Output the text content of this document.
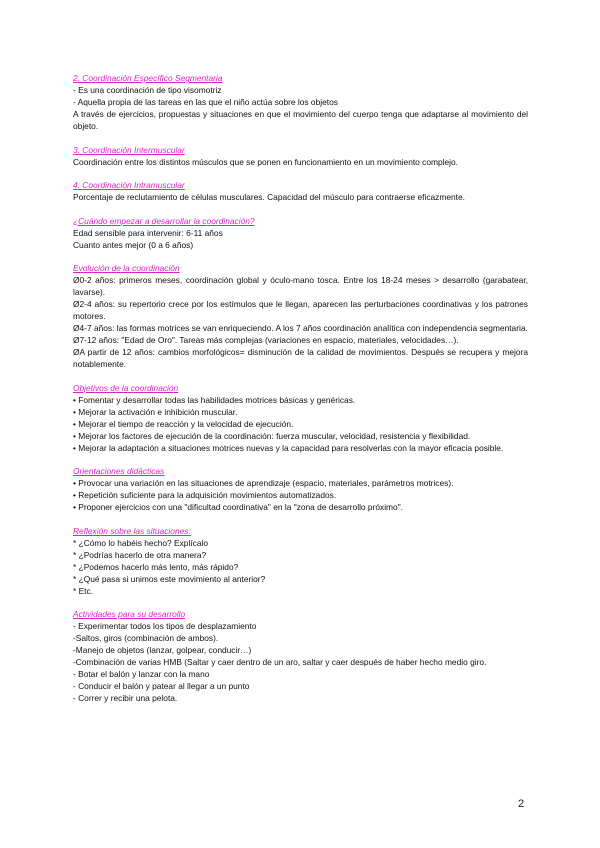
2. Coordinación Específico Segmentaria

- Es una coordinación de tipo visomotriz

- Aquella propia de las tareas en las que el niño actúa sobre los objetos

A través de ejercicios, propuestas y situaciones en que el movimiento del cuerpo tenga que adaptarse al movimiento del objeto.

3. Coordinación Intermuscular

Coordinación entre los distintos músculos que se ponen en funcionamiento en un movimiento complejo.

4. Coordinación Intramuscular

Porcentaje de reclutamiento de células musculares. Capacidad del músculo para contraerse eficazmente.

¿Cuándo empezar a desarrollar la coordinación?

Edad sensible para intervenir: 6-11 años

Cuanto antes mejor (0 a 6 años)

Evolución de la coordinación

Ø0-2 años: primeros meses, coordinación global y óculo-mano tosca. Entre los 18-24 meses > desarrollo (garabatear, lavarse).

Ø2-4 años: su repertorio crece por los estímulos que le llegan, aparecen las perturbaciones coordinativas y los patrones motores.

Ø4-7 años: las formas motrices se van enriqueciendo. A los 7 años coordinación analítica con independencia segmentaria.

Ø7-12 años: "Edad de Oro". Tareas más complejas (variaciones en espacio, materiales, velocidades…).

ØA partir de 12 años: cambios morfológicos= disminución de la calidad de movimientos. Después se recupera y mejora notablemente.

Objetivos de la coordinación

• Fomentar y desarrollar todas las habilidades motrices básicas y genéricas.

• Mejorar la activación e inhibición muscular.

• Mejorar el tiempo de reacción y la velocidad de ejecución.

• Mejorar los factores de ejecución de la coordinación: fuerza muscular, velocidad, resistencia y flexibilidad.

• Mejorar la adaptación a situaciones motrices nuevas y la capacidad para resolverlas con la mayor eficacia posible.

Orientaciones didácticas

• Provocar una variación en las situaciones de aprendizaje (espacio, materiales, parámetros motrices).

• Repetición suficiente para la adquisición movimientos automatizados.

• Proponer ejercicios con una "dificultad coordinativa" en la "zona de desarrollo próximo".

Reflexión sobre las situaciones:

* ¿Cómo lo habéis hecho? Explícalo

* ¿Podrías hacerlo de otra manera?

* ¿Podemos hacerlo más lento, más rápido?

* ¿Qué pasa si unimos este movimiento al anterior?

* Etc.

Actividades para su desarrollo

- Experimentar todos los tipos de desplazamiento

-Saltos, giros (combinación de ambos).

-Manejo de objetos (lanzar, golpear, conducir…)

-Combinación de varias HMB (Saltar y caer dentro de un aro, saltar y caer después de haber hecho medio giro.

- Botar el balón y lanzar con la mano

- Conducir el balón y patear al llegar a un punto

- Correr y recibir una pelota.

2
